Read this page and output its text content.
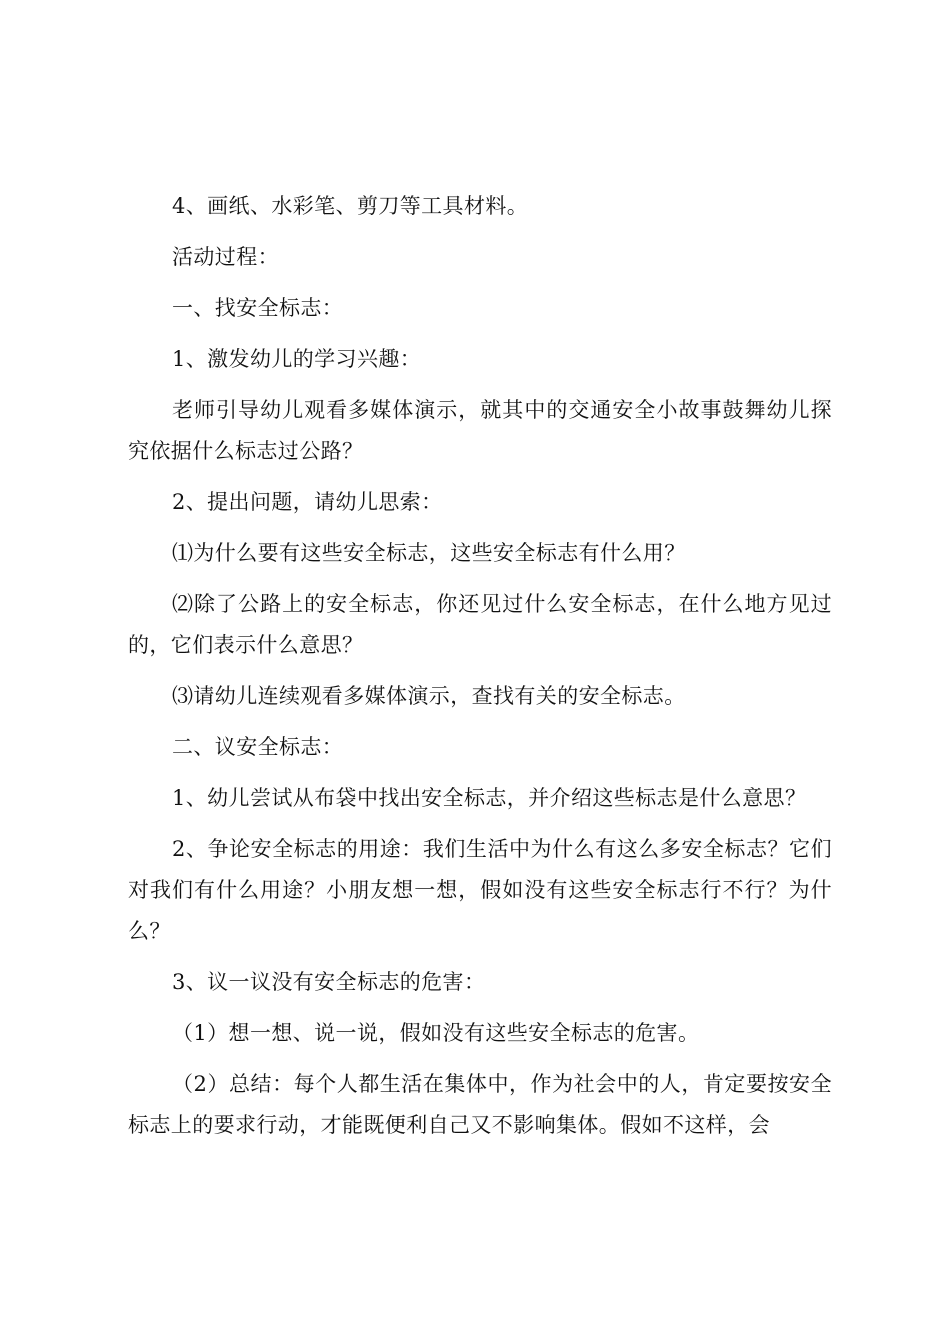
4、画纸、水彩笔、剪刀等工具材料。

活动过程：

一、找安全标志：

1、激发幼儿的学习兴趣：

老师引导幼儿观看多媒体演示，就其中的交通安全小故事鼓舞幼儿探究依据什么标志过公路？

2、提出问题，请幼儿思索：

⑴为什么要有这些安全标志，这些安全标志有什么用？

⑵除了公路上的安全标志，你还见过什么安全标志，在什么地方见过的，它们表示什么意思？

⑶请幼儿连续观看多媒体演示，查找有关的安全标志。

二、议安全标志：

1、幼儿尝试从布袋中找出安全标志，并介绍这些标志是什么意思？

2、争论安全标志的用途：我们生活中为什么有这么多安全标志？它们对我们有什么用途？小朋友想一想，假如没有这些安全标志行不行？为什么？

3、议一议没有安全标志的危害：

（1）想一想、说一说，假如没有这些安全标志的危害。

（2）总结：每个人都生活在集体中，作为社会中的人，肯定要按安全标志上的要求行动，才能既便利自己又不影响集体。假如不这样，会
